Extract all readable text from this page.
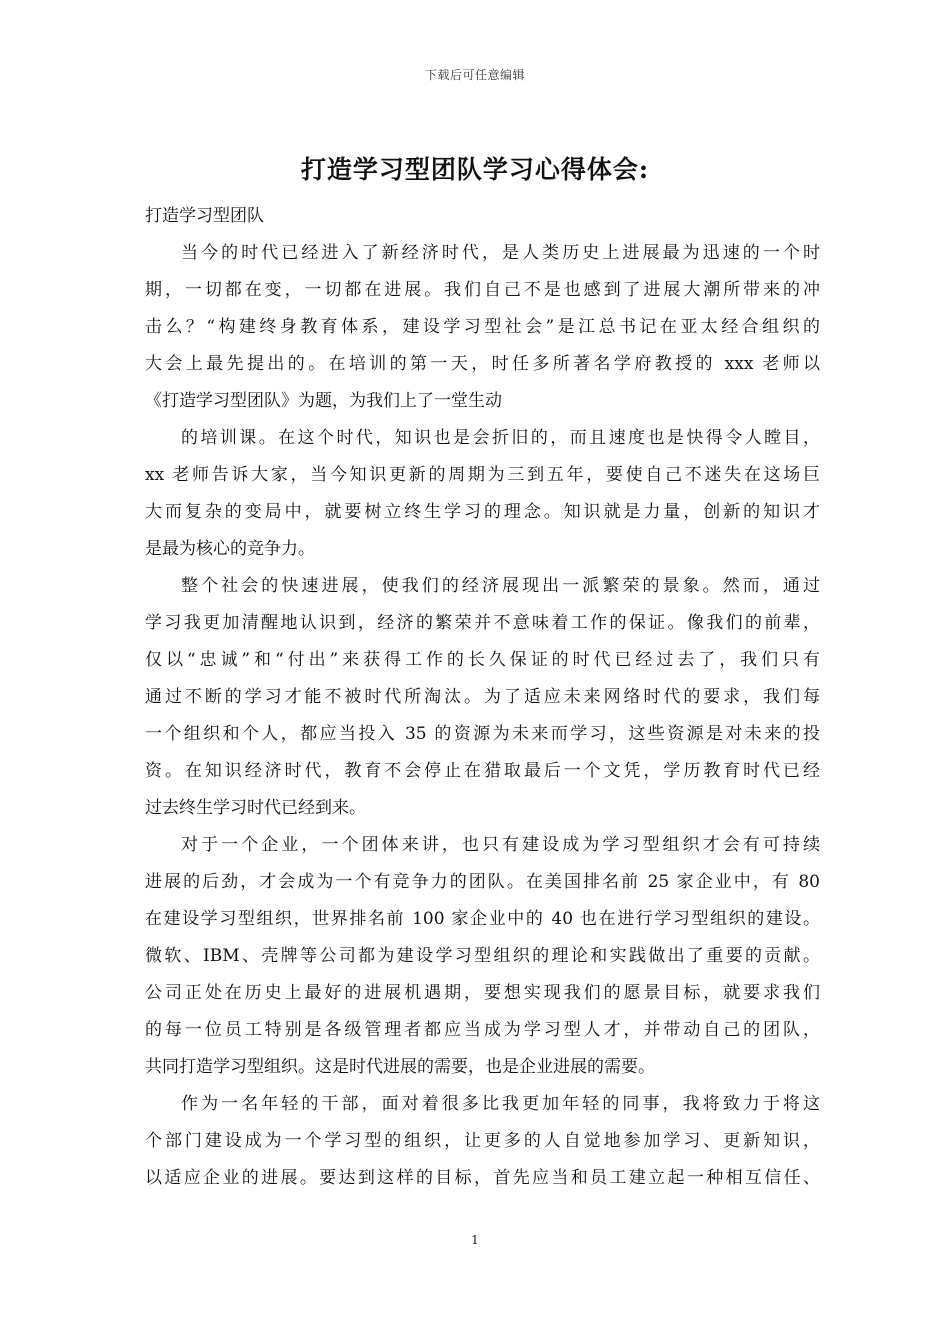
下载后可任意编辑
打造学习型团队学习心得体会:
打造学习型团队
当今的时代已经进入了新经济时代，是人类历史上进展最为迅速的一个时
期，一切都在变，一切都在进展。我们自己不是也感到了进展大潮所带来的冲
击么？“构建终身教育体系，建设学习型社会”是江总书记在亚太经合组织的
大会上最先提出的。在培训的第一天，时任多所著名学府教授的 xxx 老师以
《打造学习型团队》为题，为我们上了一堂生动
的培训课。在这个时代，知识也是会折旧的，而且速度也是快得令人瞠目，
xx 老师告诉大家，当今知识更新的周期为三到五年，要使自己不迷失在这场巨
大而复杂的变局中，就要树立终生学习的理念。知识就是力量，创新的知识才
是最为核心的竞争力。
整个社会的快速进展，使我们的经济展现出一派繁荣的景象。然而，通过
学习我更加清醒地认识到，经济的繁荣并不意味着工作的保证。像我们的前辈，
仅以“忠诚”和“付出”来获得工作的长久保证的时代已经过去了，我们只有
通过不断的学习才能不被时代所淘汰。为了适应未来网络时代的要求，我们每
一个组织和个人，都应当投入 35 的资源为未来而学习，这些资源是对未来的投
资。在知识经济时代，教育不会停止在猎取最后一个文凭，学历教育时代已经
过去终生学习时代已经到来。
对于一个企业，一个团体来讲，也只有建设成为学习型组织才会有可持续
进展的后劲，才会成为一个有竞争力的团队。在美国排名前 25 家企业中，有 80
在建设学习型组织，世界排名前 100 家企业中的 40 也在进行学习型组织的建设。
微软、IBM、壳牌等公司都为建设学习型组织的理论和实践做出了重要的贡献。
公司正处在历史上最好的进展机遇期，要想实现我们的愿景目标，就要求我们
的每一位员工特别是各级管理者都应当成为学习型人才，并带动自己的团队，
共同打造学习型组织。这是时代进展的需要，也是企业进展的需要。
作为一名年轻的干部，面对着很多比我更加年轻的同事，我将致力于将这
个部门建设成为一个学习型的组织，让更多的人自觉地参加学习、更新知识，
以适应企业的进展。要达到这样的目标，首先应当和员工建立起一种相互信任、
1
